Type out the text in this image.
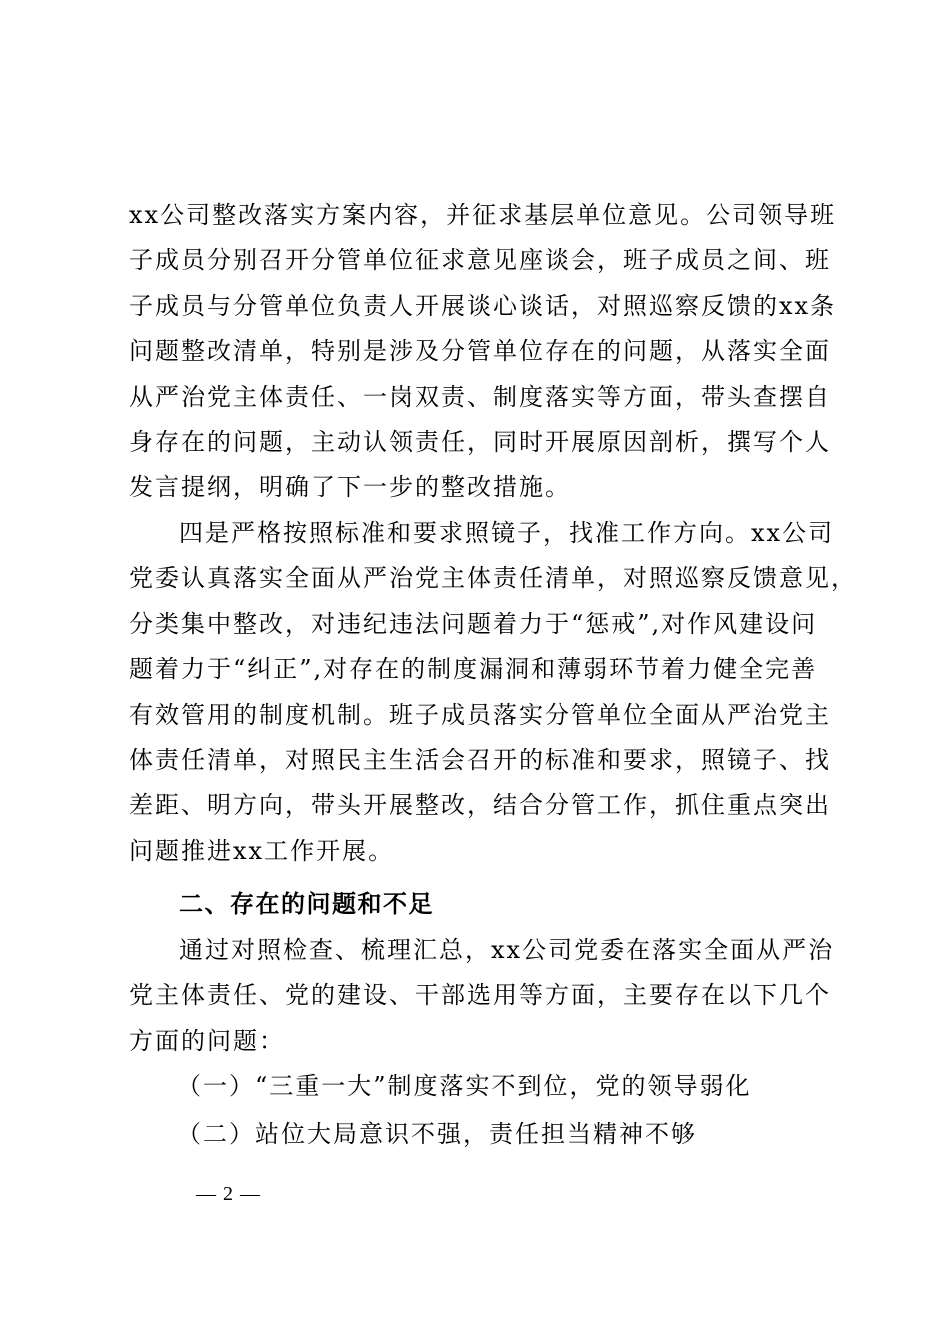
xx公司整改落实方案内容，并征求基层单位意见。公司领导班
子成员分别召开分管单位征求意见座谈会，班子成员之间、班
子成员与分管单位负责人开展谈心谈话，对照巡察反馈的xx条
问题整改清单，特别是涉及分管单位存在的问题，从落实全面
从严治党主体责任、一岗双责、制度落实等方面，带头查摆自
身存在的问题，主动认领责任，同时开展原因剖析，撰写个人
发言提纲，明确了下一步的整改措施。
四是严格按照标准和要求照镜子，找准工作方向。xx公司
党委认真落实全面从严治党主体责任清单，对照巡察反馈意见，
分类集中整改，对违纪违法问题着力于“惩戒”,对作风建设问
题着力于“纠正”,对存在的制度漏洞和薄弱环节着力健全完善
有效管用的制度机制。班子成员落实分管单位全面从严治党主
体责任清单，对照民主生活会召开的标准和要求，照镜子、找
差距、明方向，带头开展整改，结合分管工作，抓住重点突出
问题推进xx工作开展。
二、存在的问题和不足
通过对照检查、梳理汇总，xx公司党委在落实全面从严治
党主体责任、党的建设、干部选用等方面，主要存在以下几个
方面的问题：
（一）“三重一大”制度落实不到位，党的领导弱化
（二）站位大局意识不强，责任担当精神不够
— 2 —
